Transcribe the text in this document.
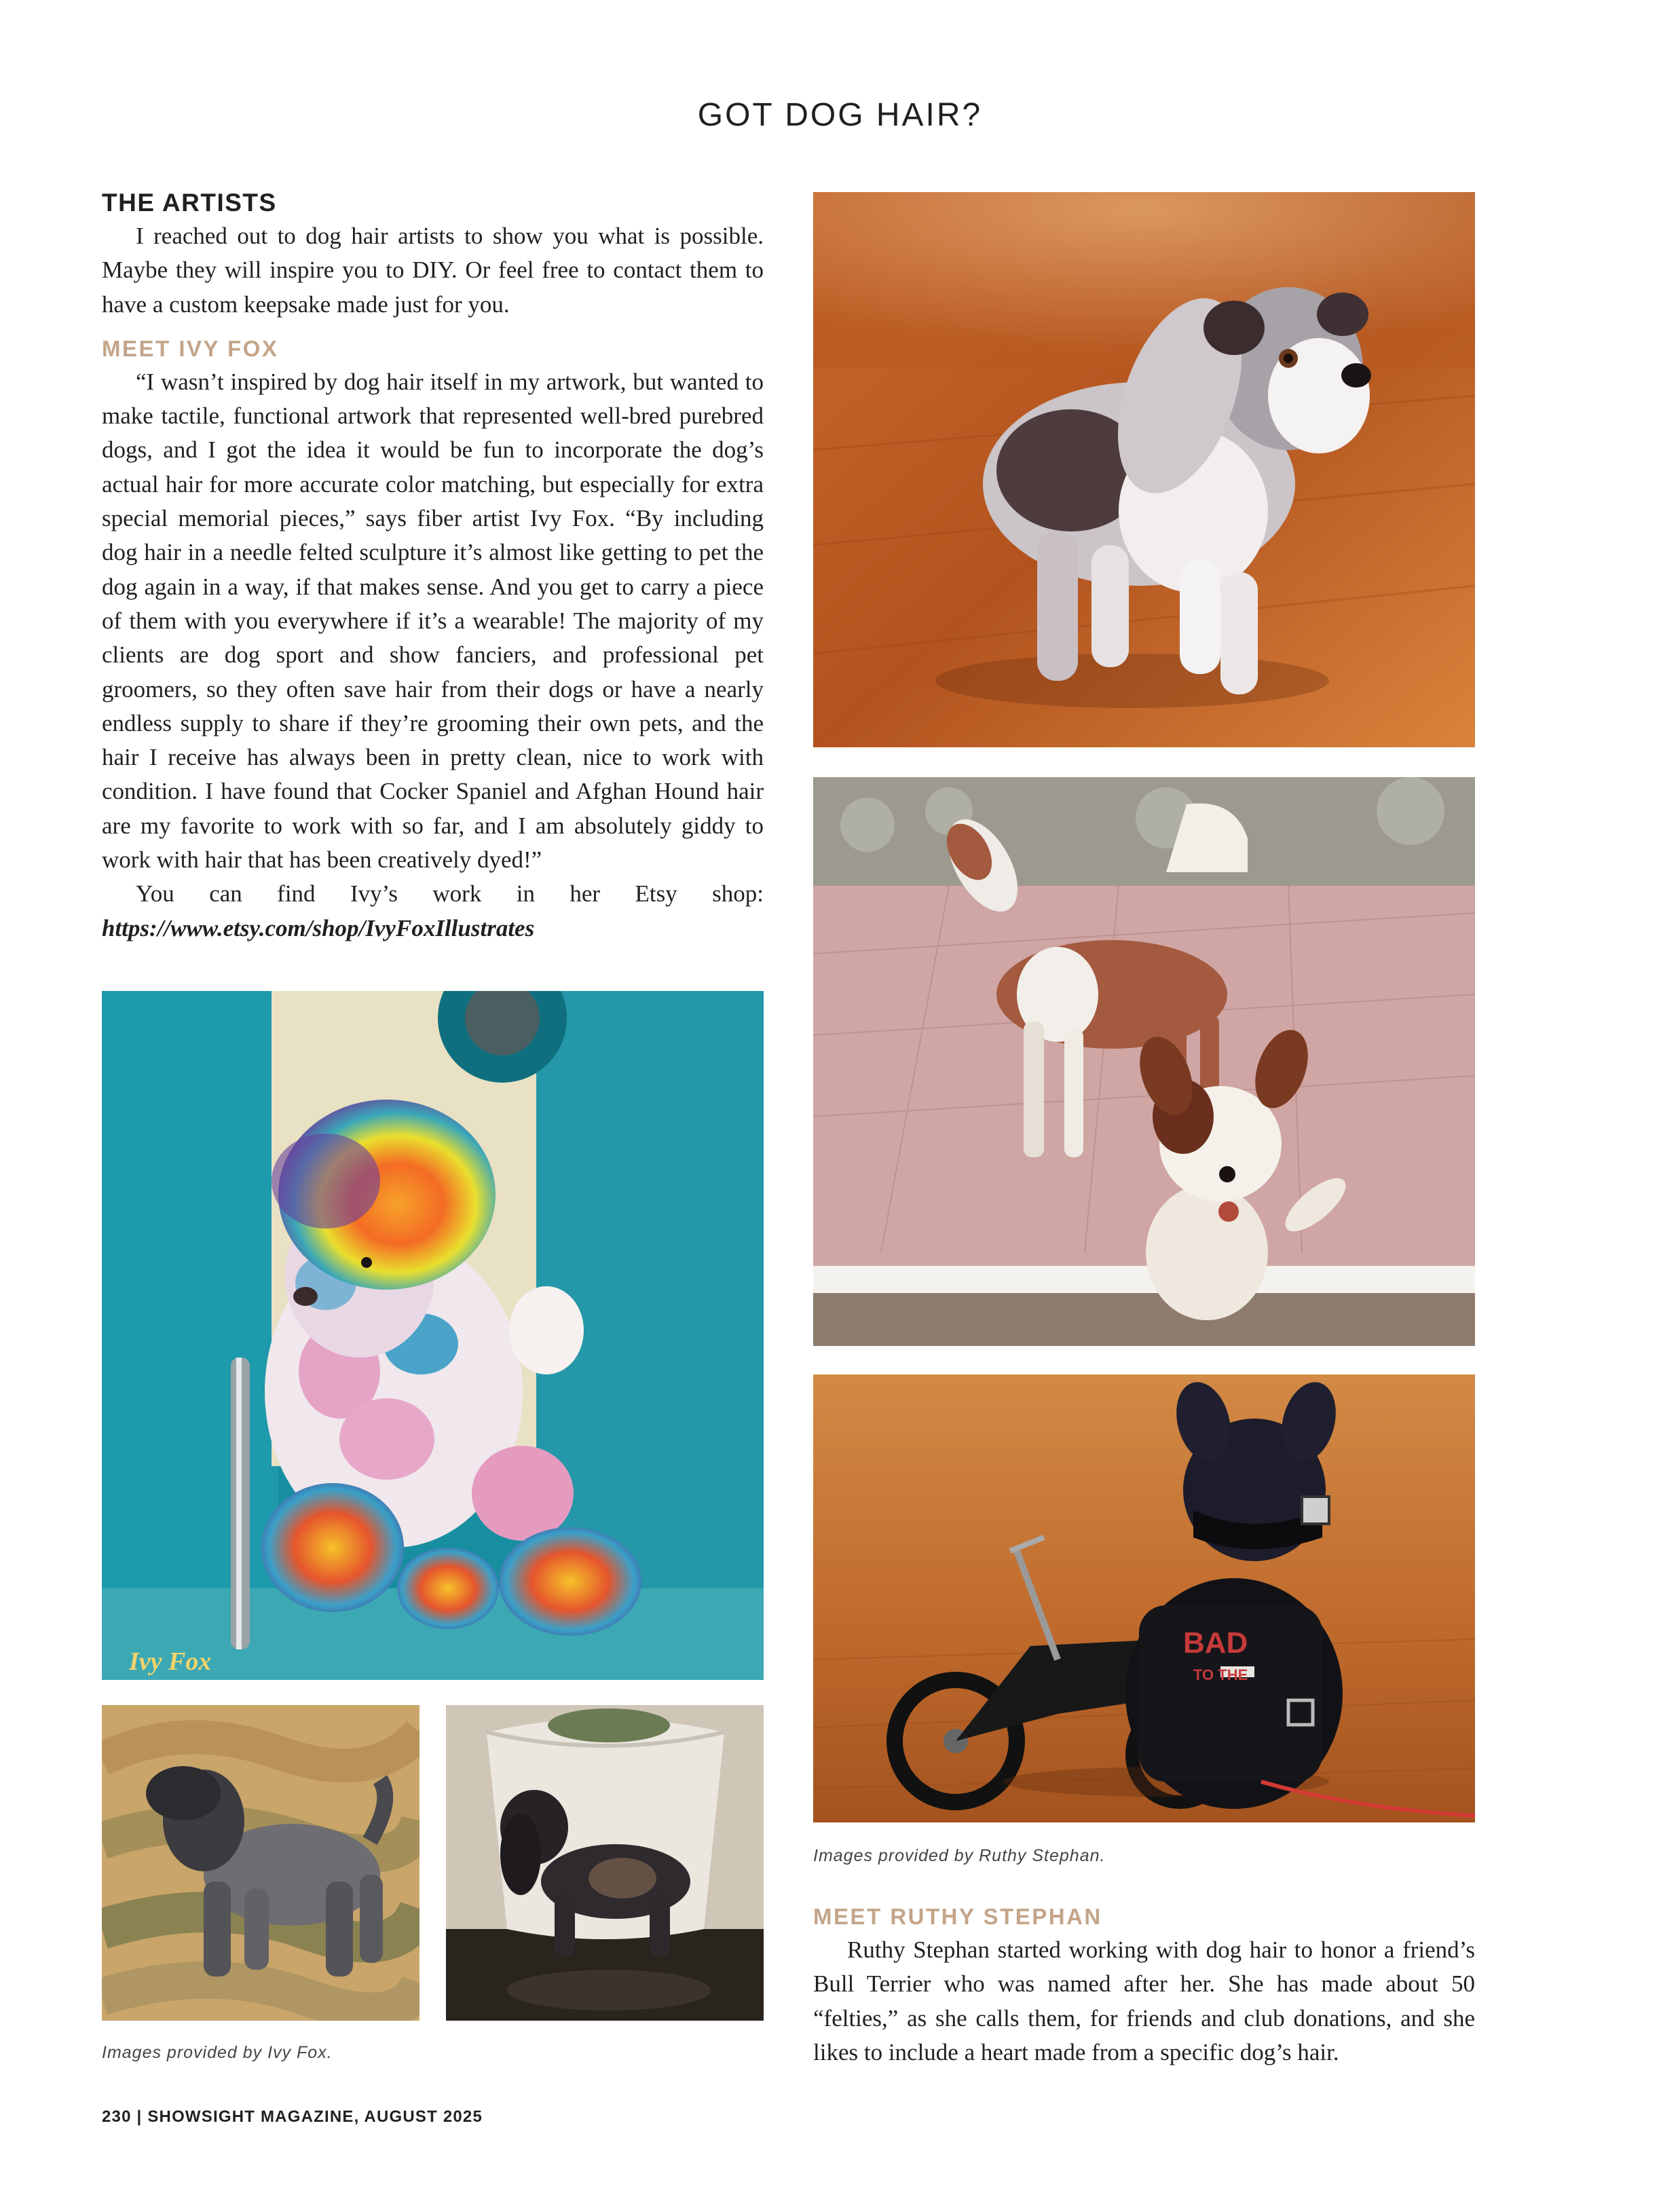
GOT DOG HAIR?
THE ARTISTS

I reached out to dog hair artists to show you what is possible. Maybe they will inspire you to DIY. Or feel free to contact them to have a custom keepsake made just for you.

MEET IVY FOX

“I wasn’t inspired by dog hair itself in my artwork, but wanted to make tactile, functional artwork that represented well-bred purebred dogs, and I got the idea it would be fun to incorporate the dog’s actual hair for more accurate color matching, but especially for extra special memorial pieces,” says fiber artist Ivy Fox. “By including dog hair in a needle felted sculpture it’s almost like getting to pet the dog again in a way, if that makes sense. And you get to carry a piece of them with you everywhere if it’s a wearable! The majority of my clients are dog sport and show fanciers, and professional pet groomers, so they often save hair from their dogs or have a nearly endless supply to share if they’re grooming their own pets, and the hair I receive has always been in pretty clean, nice to work with condition. I have found that Cocker Spaniel and Afghan Hound hair are my favorite to work with so far, and I am absolutely giddy to work with hair that has been creatively dyed!”

You can find Ivy’s work in her Etsy shop: https://www.etsy.com/shop/IvyFoxIllustrates

BAD
TO THE
Images provided by Ruthy Stephan.
MEET RUTHY STEPHAN

Ruthy Stephan started working with dog hair to honor a friend’s Bull Terrier who was named after her. She has made about 50 “felties,” as she calls them, for friends and club donations, and she likes to include a heart made from a specific dog’s hair.

Ivy Fox
Images provided by Ivy Fox.
230 | SHOWSIGHT MAGAZINE, AUGUST 2025
